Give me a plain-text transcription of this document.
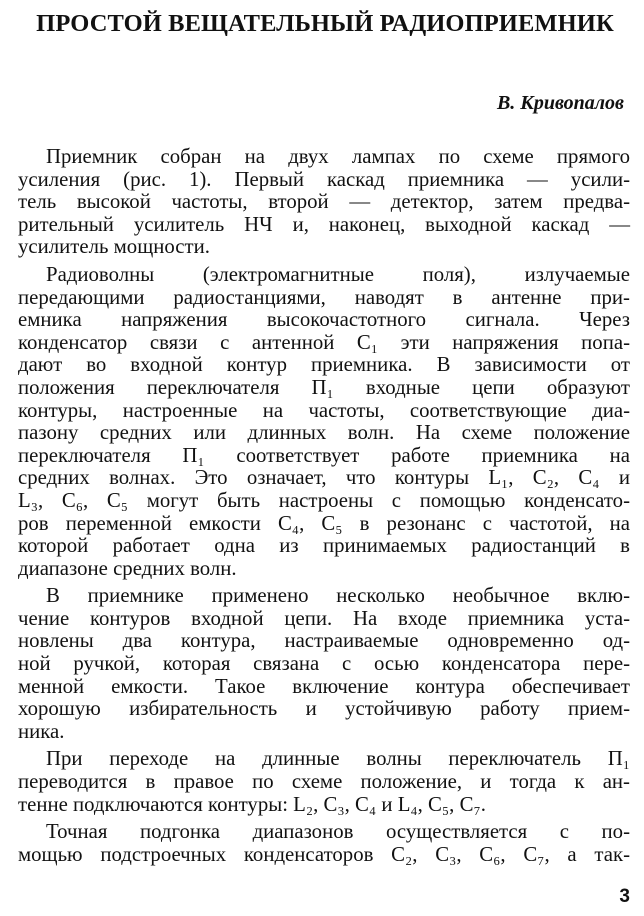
ПРОСТОЙ ВЕЩАТЕЛЬНЫЙ РАДИОПРИЕМНИК
В. Кривопалов
Приемник собран на двух лампах по схеме прямого
усиления (рис. 1). Первый каскад приемника — усили-
тель высокой частоты, второй — детектор, затем предва-
рительный усилитель НЧ и, наконец, выходной каскад —
усилитель мощности.
Радиоволны (электромагнитные поля), излучаемые
передающими радиостанциями, наводят в антенне при-
емника напряжения высокочастотного сигнала. Через
конденсатор связи с антенной C₁ эти напряжения попа-
дают во входной контур приемника. В зависимости от
положения переключателя П₁ входные цепи образуют
контуры, настроенные на частоты, соответствующие диа-
пазону средних или длинных волн. На схеме положение
переключателя П₁ соответствует работе приемника на
средних волнах. Это означает, что контуры L₁, C₂, C₄ и
L₃, C₆, C₅ могут быть настроены с помощью конденсато-
ров переменной емкости C₄, C₅ в резонанс с частотой, на
которой работает одна из принимаемых радиостанций в
диапазоне средних волн.
В приемнике применено несколько необычное вклю-
чение контуров входной цепи. На входе приемника уста-
новлены два контура, настраиваемые одновременно од-
ной ручкой, которая связана с осью конденсатора пере-
менной емкости. Такое включение контура обеспечивает
хорошую избирательность и устойчивую работу прием-
ника.
При переходе на длинные волны переключатель П₁
переводится в правое по схеме положение, и тогда к ан-
тенне подключаются контуры: L₂, C₃, C₄ и L₄, C₅, C₇.
Точная подгонка диапазонов осуществляется с по-
мощью подстроечных конденсаторов C₂, C₃, C₆, C₇, а так-
3
